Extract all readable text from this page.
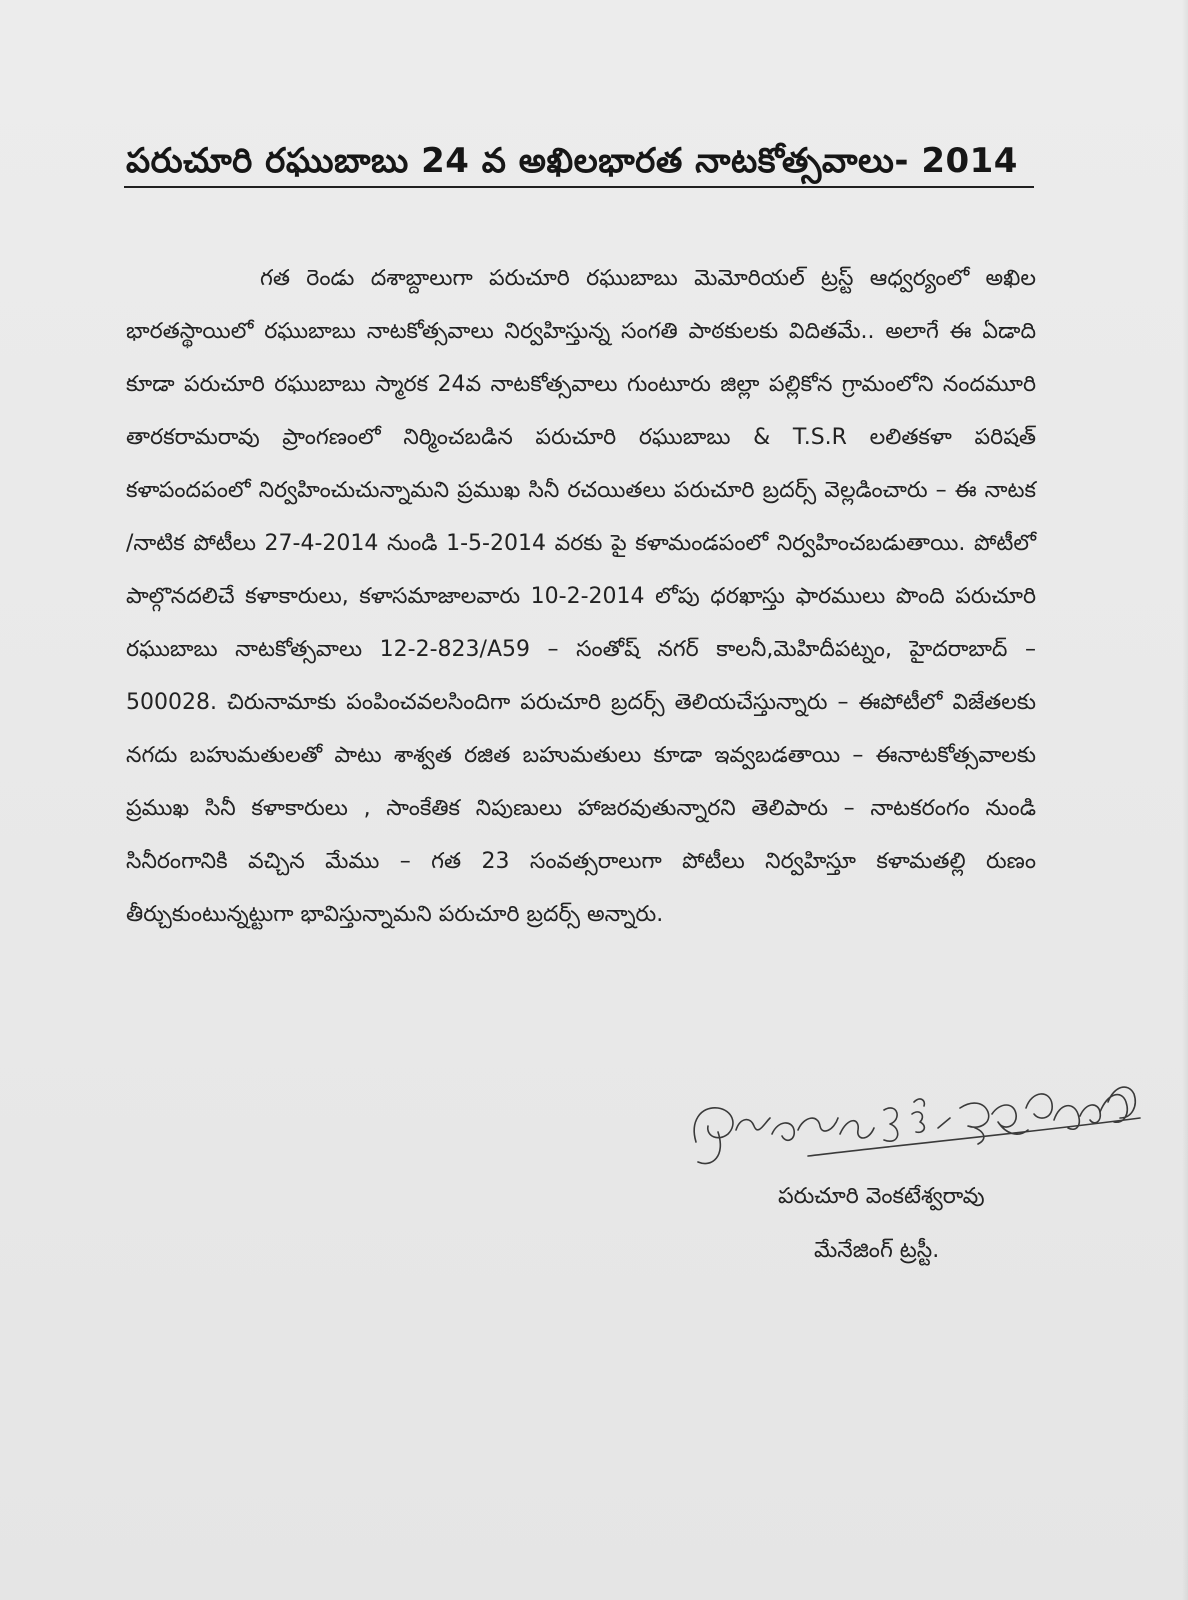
పరుచూరి రఘుబాబు 24 వ అఖిలభారత నాటకోత్సవాలు- 2014

గత రెండు దశాబ్దాలుగా పరుచూరి రఘుబాబు మెమోరియల్ ట్రస్ట్ ఆధ్వర్యంలో అఖిల భారతస్థాయిలో రఘుబాబు నాటకోత్సవాలు నిర్వహిస్తున్న సంగతి పాఠకులకు విదితమే.. అలాగే ఈ ఏడాది కూడా పరుచూరి రఘుబాబు స్మారక 24వ నాటకోత్సవాలు గుంటూరు జిల్లా పల్లికోన గ్రామంలోని నందమూరి తారకరామరావు ప్రాంగణంలో నిర్మించబడిన పరుచూరి రఘుబాబు & T.S.R లలితకళా పరిషత్ కళాపందపంలో నిర్వహించుచున్నామని ప్రముఖ సినీ రచయితలు పరుచూరి బ్రదర్స్ వెల్లడించారు – ఈ నాటక /నాటిక పోటీలు 27-4-2014 నుండి 1-5-2014 వరకు పై కళామండపంలో నిర్వహించబడుతాయి. పోటీలో పాల్గొనదలిచే కళాకారులు, కళాసమాజాలవారు 10-2-2014 లోపు ధరఖాస్తు ఫారములు పొంది పరుచూరి రఘుబాబు నాటకోత్సవాలు 12-2-823/A59 – సంతోష్ నగర్ కాలనీ,మెహిదీపట్నం, హైదరాబాద్ – 500028. చిరునామాకు పంపించవలసిందిగా పరుచూరి బ్రదర్స్ తెలియచేస్తున్నారు – ఈపోటీలో విజేతలకు నగదు బహుమతులతో పాటు శాశ్వత రజిత బహుమతులు కూడా ఇవ్వబడతాయి – ఈనాటకోత్సవాలకు ప్రముఖ సినీ కళాకారులు , సాంకేతిక నిపుణులు హాజరవుతున్నారని తెలిపారు – నాటకరంగం నుండి సినీరంగానికి వచ్చిన మేము – గత 23 సంవత్సరాలుగా పోటీలు నిర్వహిస్తూ కళామతల్లి రుణం తీర్చుకుంటున్నట్టుగా భావిస్తున్నామని పరుచూరి బ్రదర్స్ అన్నారు.

పరుచూరి వెంకటేశ్వరావు
మేనేజింగ్ ట్రస్టీ.
